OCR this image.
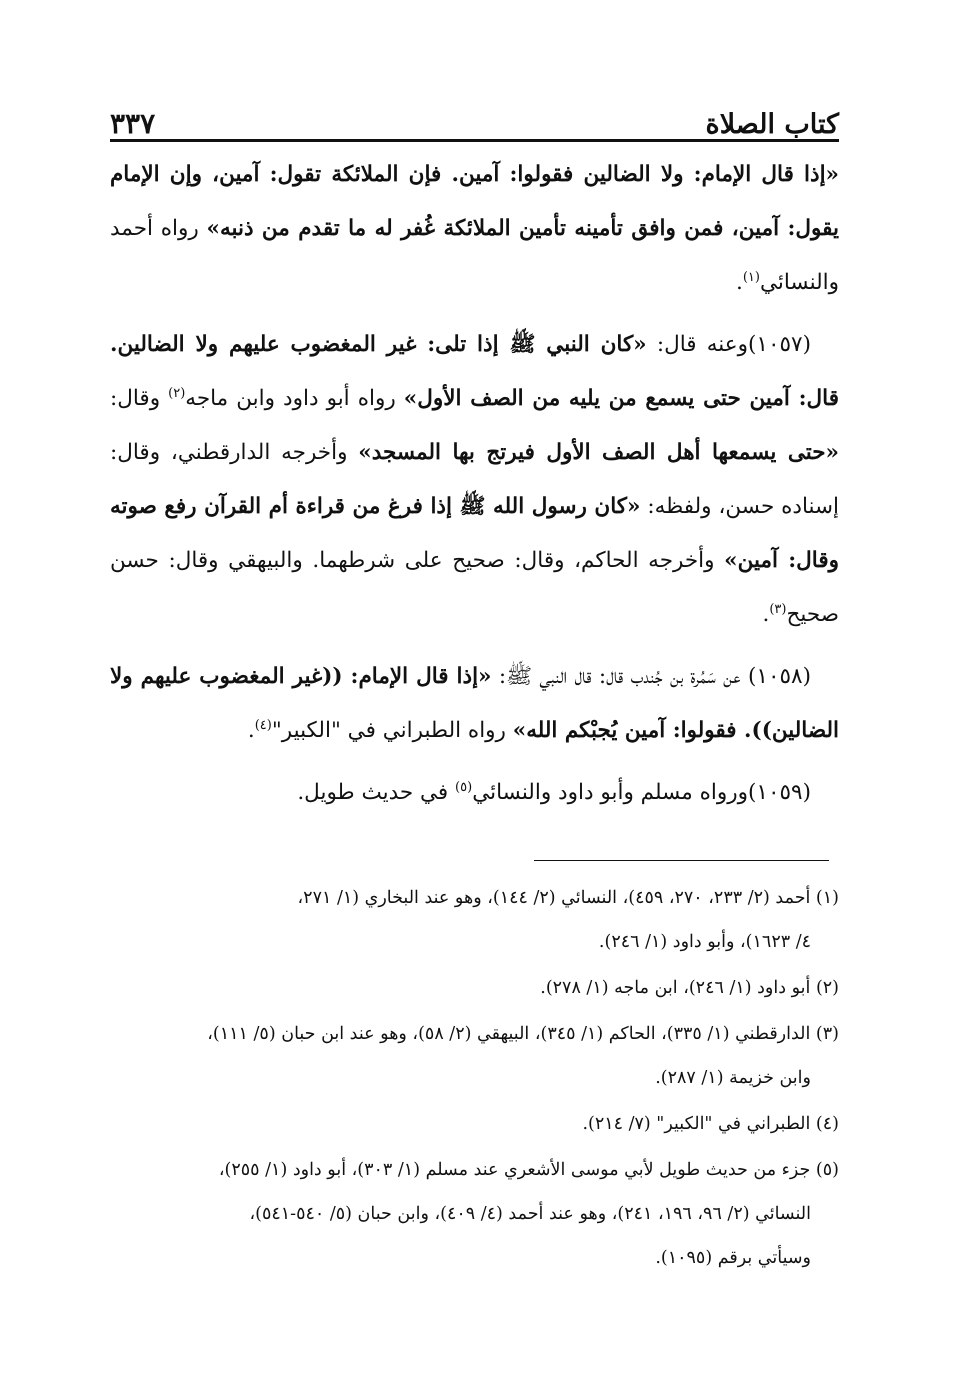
كتاب الصلاة
٣٣٧

«إذا قال الإمام: ولا الضالين فقولوا: آمين. فإن الملائكة تقول: آمين، وإن الإمام يقول: آمين، فمن وافق تأمينه تأمين الملائكة غُفر له ما تقدم من ذنبه» رواه أحمد والنسائي$^{(١)}$.

(١٠٥٧)وعنه قال: «كان النبي ﷺ إذا تلى: غير المغضوب عليهم ولا الضالين. قال: آمين حتى يسمع من يليه من الصف الأول» رواه أبو داود وابن ماجه$^{(٢)}$ وقال: «حتى يسمعها أهل الصف الأول فيرتج بها المسجد» وأخرجه الدارقطني، وقال: إسناده حسن، ولفظه: «كان رسول الله ﷺ إذا فرغ من قراءة أم القرآن رفع صوته وقال: آمين» وأخرجه الحاكم، وقال: صحيح على شرطهما. والبيهقي وقال: حسن صحيح$^{(٣)}$.

(١٠٥٨) عن سَمُرة بن جُندب قال: قال النبي ﷺ: «إذا قال الإمام: ((غير المغضوب عليهم ولا الضالين)). فقولوا: آمين يُجبْكم الله» رواه الطبراني في "الكبير"$^{(٤)}$.

(١٠٥٩)ورواه مسلم وأبو داود والنسائي$^{(٥)}$ في حديث طويل.

(١) أحمد (٢/ ٢٣٣، ٢٧٠، ٤٥٩)، النسائي (٢/ ١٤٤)، وهو عند البخاري (١/ ٢٧١،
٤/ ١٦٢٣)، وأبو داود (١/ ٢٤٦).
(٢) أبو داود (١/ ٢٤٦)، ابن ماجه (١/ ٢٧٨).
(٣) الدارقطني (١/ ٣٣٥)، الحاكم (١/ ٣٤٥)، البيهقي (٢/ ٥٨)، وهو عند ابن حبان (٥/ ١١١)،
وابن خزيمة (١/ ٢٨٧).
(٤) الطبراني في "الكبير" (٧/ ٢١٤).
(٥) جزء من حديث طويل لأبي موسى الأشعري عند مسلم (١/ ٣٠٣)، أبو داود (١/ ٢٥٥)،
النسائي (٢/ ٩٦، ١٩٦، ٢٤١)، وهو عند أحمد (٤/ ٤٠٩)، وابن حبان (٥/ ٥٤٠-٥٤١)،
وسيأتي برقم (١٠٩٥).
